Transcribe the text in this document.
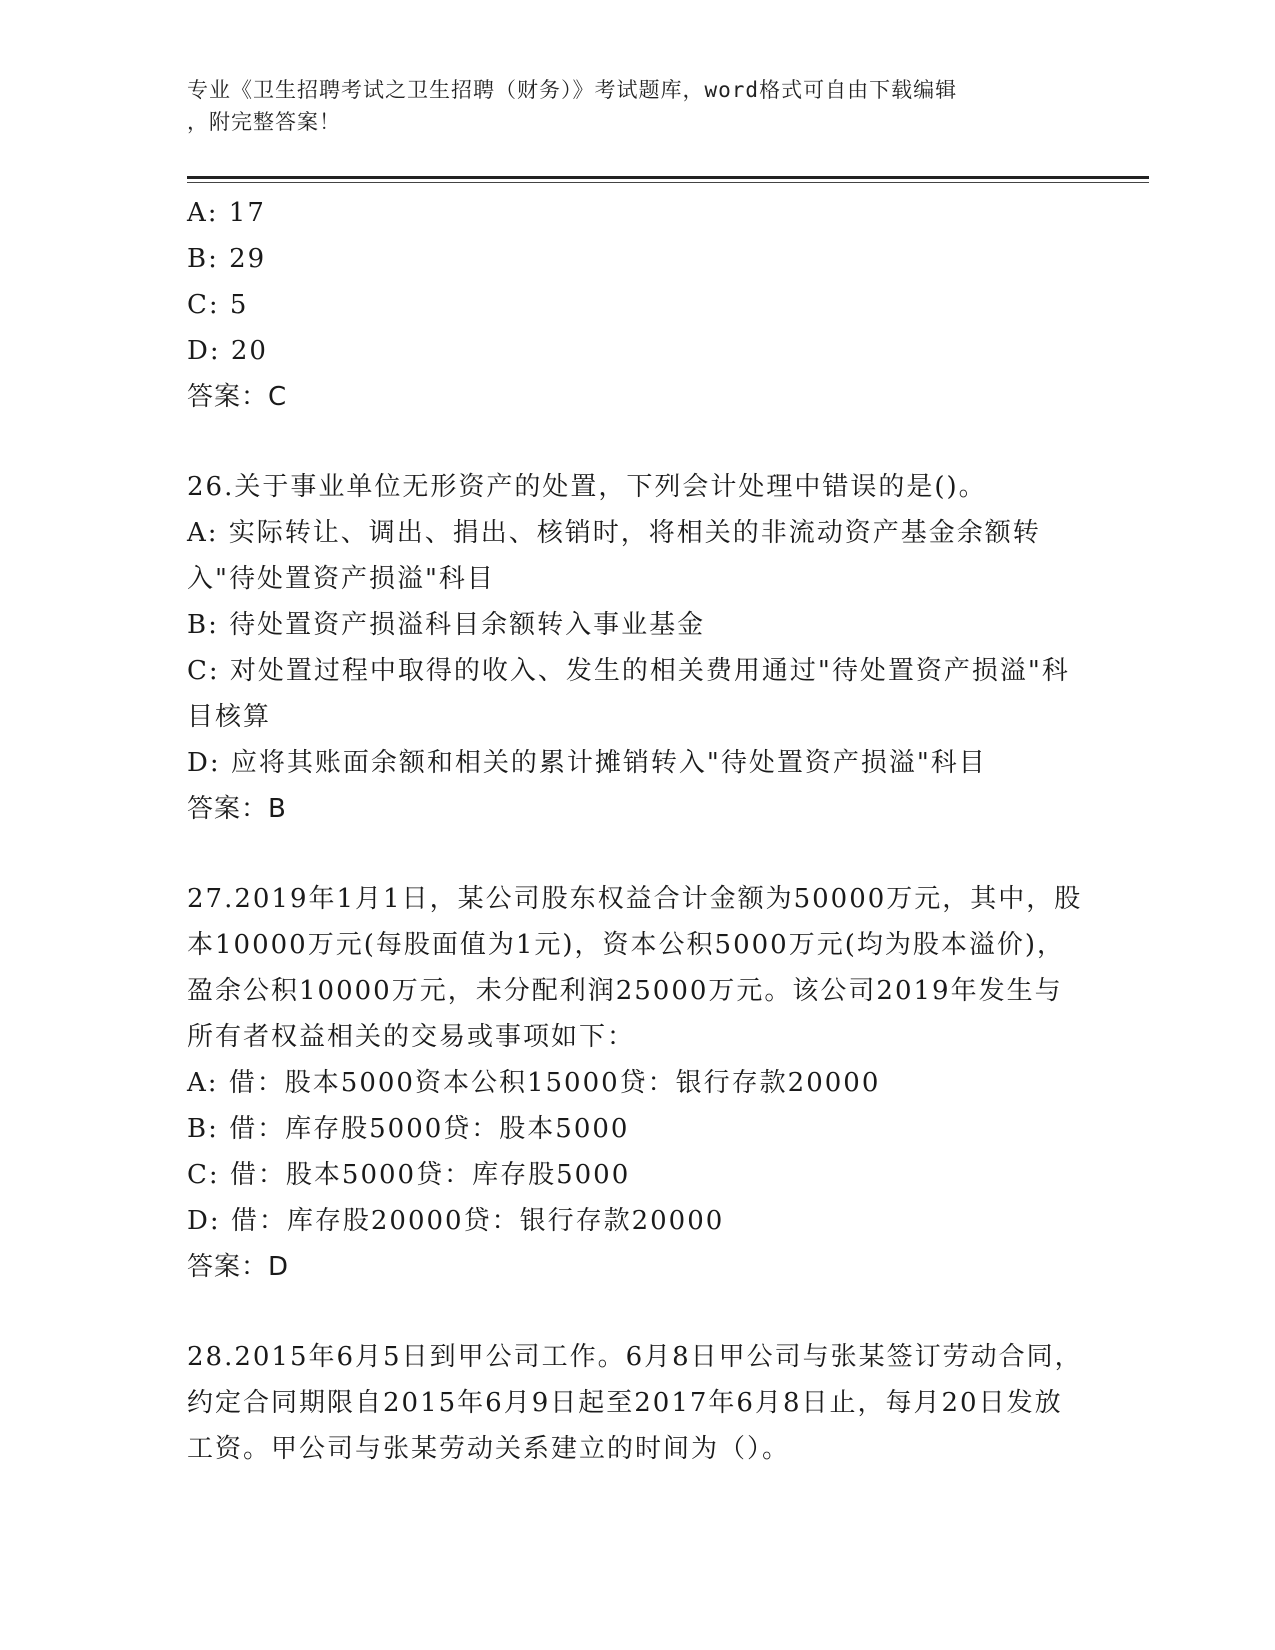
专业《卫生招聘考试之卫生招聘（财务）》考试题库，word格式可自由下载编辑
，附完整答案！

A: 17

B: 29

C: 5

D: 20

答案：C

26.关于事业单位无形资产的处置，下列会计处理中错误的是()。

A: 实际转让、调出、捐出、核销时，将相关的非流动资产基金余额转入"待处置资产损溢"科目

B: 待处置资产损溢科目余额转入事业基金

C: 对处置过程中取得的收入、发生的相关费用通过"待处置资产损溢"科目核算

D: 应将其账面余额和相关的累计摊销转入"待处置资产损溢"科目

答案：B

27.2019年1月1日，某公司股东权益合计金额为50000万元，其中，股本10000万元(每股面值为1元)，资本公积5000万元(均为股本溢价)，盈余公积10000万元，未分配利润25000万元。该公司2019年发生与所有者权益相关的交易或事项如下：

A: 借：股本5000资本公积15000贷：银行存款20000

B: 借：库存股5000贷：股本5000

C: 借：股本5000贷：库存股5000

D: 借：库存股20000贷：银行存款20000

答案：D

28.2015年6月5日到甲公司工作。6月8日甲公司与张某签订劳动合同，约定合同期限自2015年6月9日起至2017年6月8日止，每月20日发放工资。甲公司与张某劳动关系建立的时间为（）。
